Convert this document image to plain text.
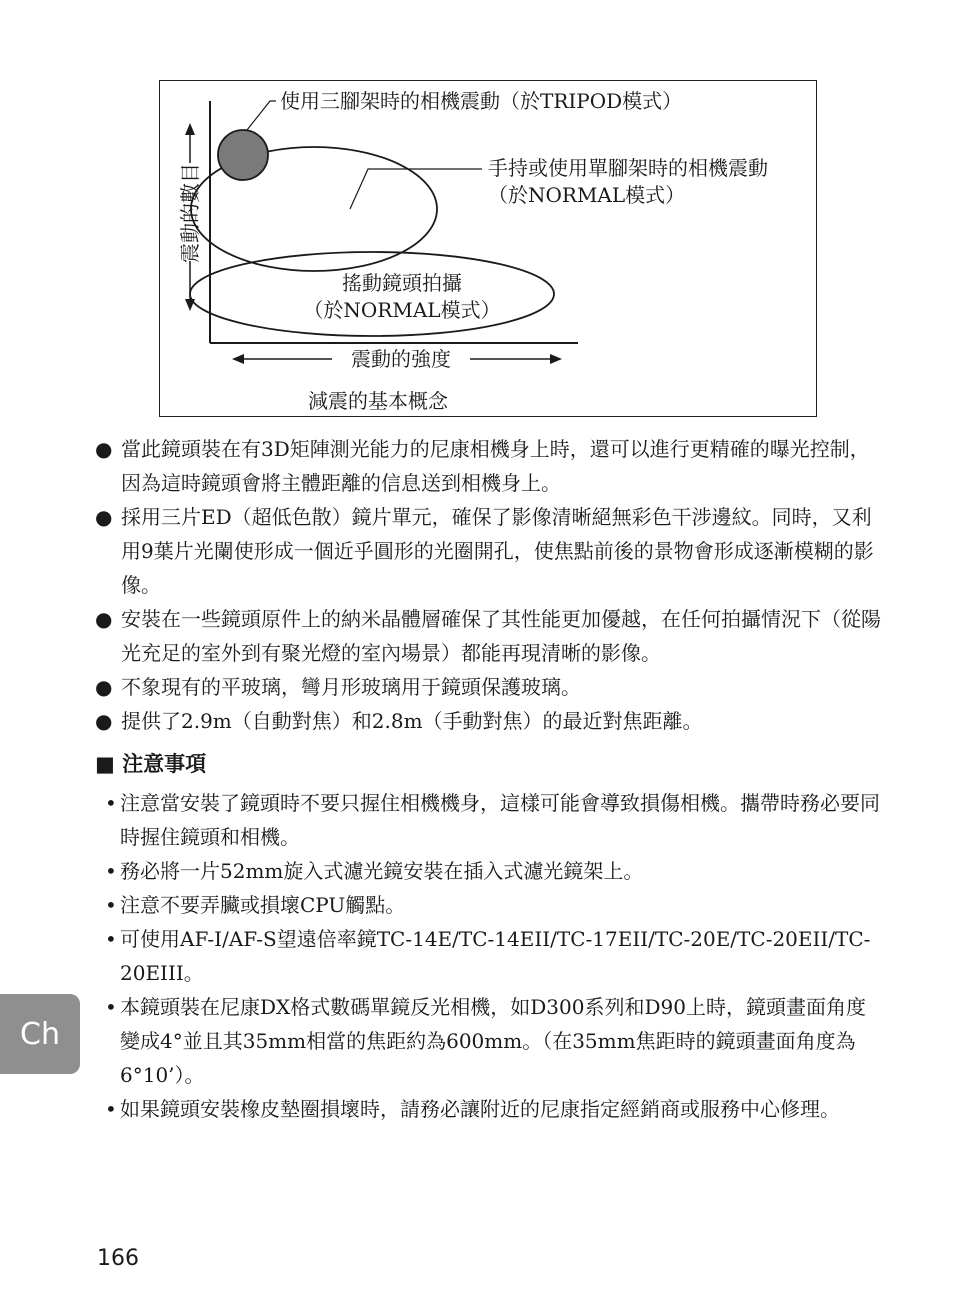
震動的數目
震動的強度
使用三腳架時的相機震動（於TRIPOD模式）
手持或使用單腳架時的相機震動
（於NORMAL模式）
搖動鏡頭拍攝
（於NORMAL模式）
減震的基本概念
● 當此鏡頭裝在有3D矩陣測光能力的尼康相機身上時，還可以進行更精確的曝光控制，因為這時鏡頭會將主體距離的信息送到相機身上。
● 採用三片ED（超低色散）鏡片單元，確保了影像清晰絕無彩色干涉邊紋。同時，又利用9葉片光闌使形成一個近乎圓形的光圈開孔，使焦點前後的景物會形成逐漸模糊的影像。
● 安裝在一些鏡頭原件上的納米晶體層確保了其性能更加優越，在任何拍攝情況下（從陽光充足的室外到有聚光燈的室內場景）都能再現清晰的影像。
● 不象現有的平玻璃，彎月形玻璃用于鏡頭保護玻璃。
● 提供了2.9m（自動對焦）和2.8m（手動對焦）的最近對焦距離。
■ 注意事項
• 注意當安裝了鏡頭時不要只握住相機機身，這樣可能會導致損傷相機。攜帶時務必要同時握住鏡頭和相機。
• 務必將一片52mm旋入式濾光鏡安裝在插入式濾光鏡架上。
• 注意不要弄臟或損壞CPU觸點。
• 可使用AF-I/AF-S望遠倍率鏡TC-14E/TC-14EII/TC-17EII/TC-20E/TC-20EII/TC-20EIII。
• 本鏡頭裝在尼康DX格式數碼單鏡反光相機，如D300系列和D90上時，鏡頭畫面角度變成4°並且其35mm相當的焦距約為600mm。（在35mm焦距時的鏡頭畫面角度為6°10’）。
• 如果鏡頭安裝橡皮墊圈損壞時，請務必讓附近的尼康指定經銷商或服務中心修理。
Ch
166
